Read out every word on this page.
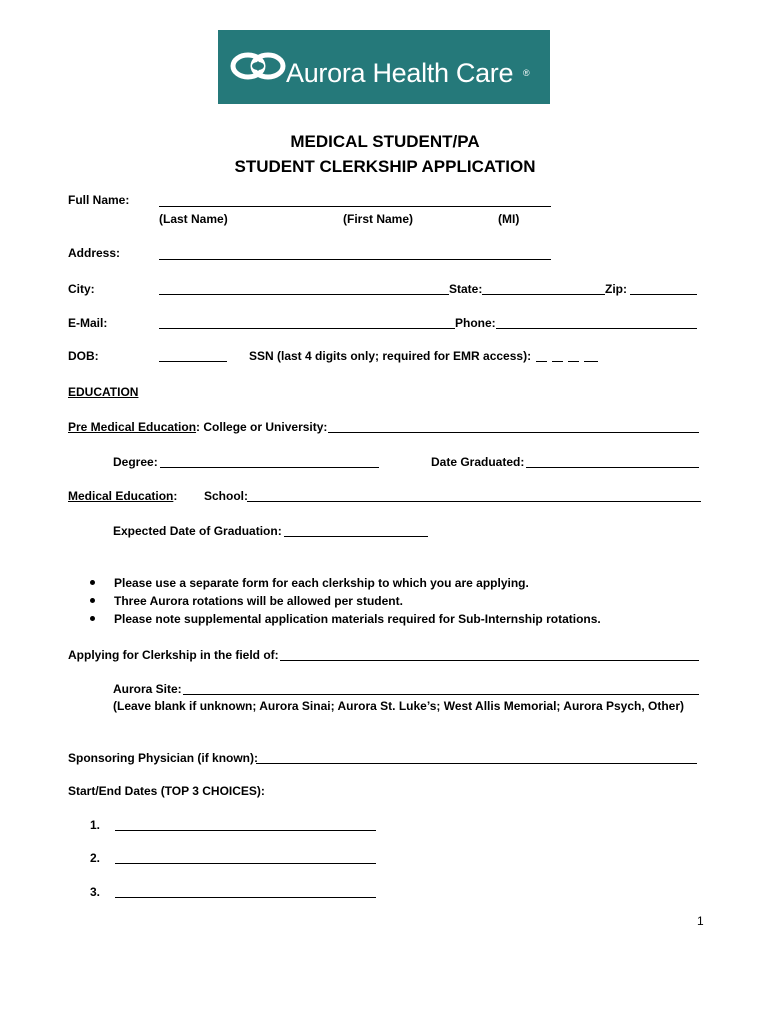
Aurora Health Care ®
MEDICAL STUDENT/PA
STUDENT CLERKSHIP APPLICATION
Full Name:
(Last Name)	(First Name)	(MI)
Address:
City:	State:	Zip:
E-Mail:	Phone:
DOB:	SSN (last 4 digits only; required for EMR access):
EDUCATION
Pre Medical Education: College or University:
Degree:	Date Graduated:
Medical Education: School:
Expected Date of Graduation:
Please use a separate form for each clerkship to which you are applying.
Three Aurora rotations will be allowed per student.
Please note supplemental application materials required for Sub-Internship rotations.
Applying for Clerkship in the field of:
Aurora Site:
(Leave blank if unknown; Aurora Sinai; Aurora St. Luke’s; West Allis Memorial; Aurora Psych, Other)
Sponsoring Physician (if known):
Start/End Dates (TOP 3 CHOICES):
1.
2.
3.
1
